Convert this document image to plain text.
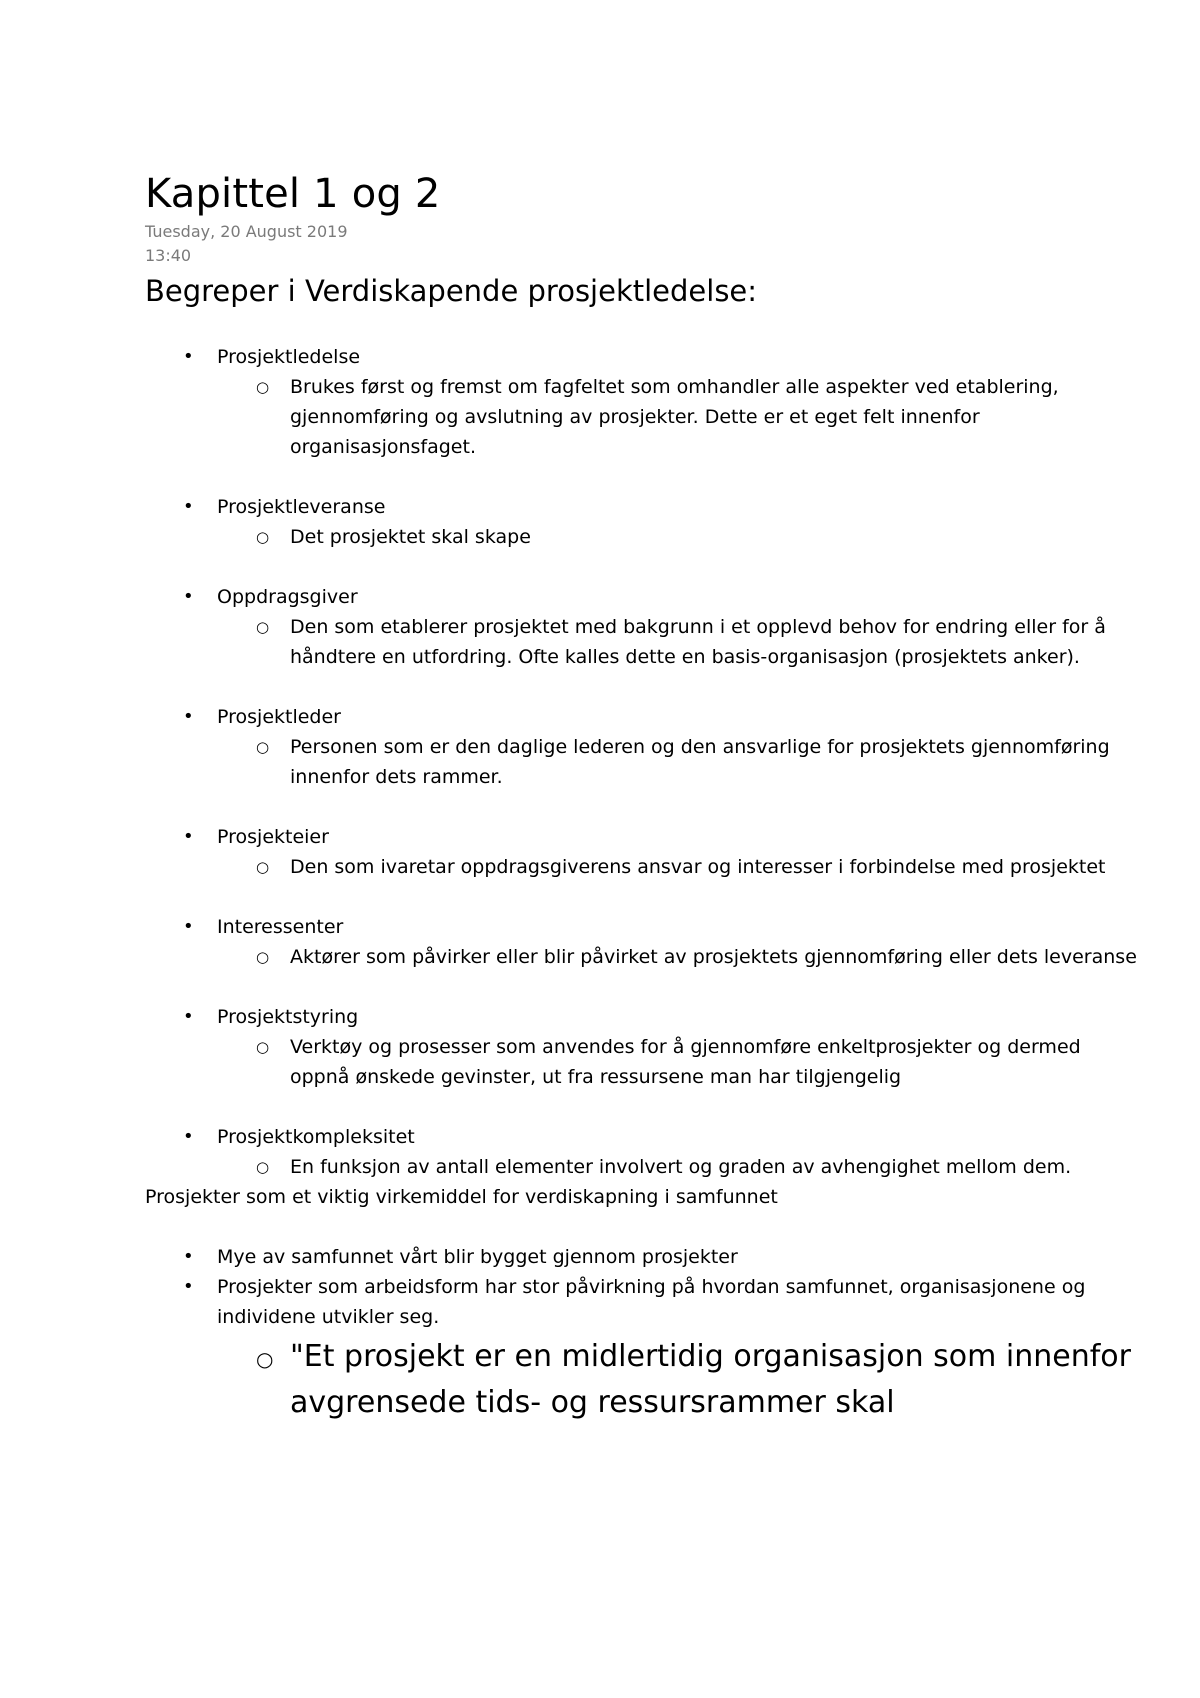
Kapittel 1 og 2
Tuesday, 20 August 2019
13:40
Begreper i Verdiskapende prosjektledelse:
• Prosjektledelse
○ Brukes først og fremst om fagfeltet som omhandler alle aspekter ved etablering, gjennomføring og avslutning av prosjekter. Dette er et eget felt innenfor organisasjonsfaget.
• Prosjektleveranse
○ Det prosjektet skal skape
• Oppdragsgiver
○ Den som etablerer prosjektet med bakgrunn i et opplevd behov for endring eller for å håndtere en utfordring. Ofte kalles dette en basis-organisasjon (prosjektets anker).
• Prosjektleder
○ Personen som er den daglige lederen og den ansvarlige for prosjektets gjennomføring innenfor dets rammer.
• Prosjekteier
○ Den som ivaretar oppdragsgiverens ansvar og interesser i forbindelse med prosjektet
• Interessenter
○ Aktører som påvirker eller blir påvirket av prosjektets gjennomføring eller dets leveranse
• Prosjektstyring
○ Verktøy og prosesser som anvendes for å gjennomføre enkeltprosjekter og dermed oppnå ønskede gevinster, ut fra ressursene man har tilgjengelig
• Prosjektkompleksitet
○ En funksjon av antall elementer involvert og graden av avhengighet mellom dem.
Prosjekter som et viktig virkemiddel for verdiskapning i samfunnet
• Mye av samfunnet vårt blir bygget gjennom prosjekter
• Prosjekter som arbeidsform har stor påvirkning på hvordan samfunnet, organisasjonene og individene utvikler seg.
○ "Et prosjekt er en midlertidig organisasjon som innenfor avgrensede tids- og ressursrammer skal
